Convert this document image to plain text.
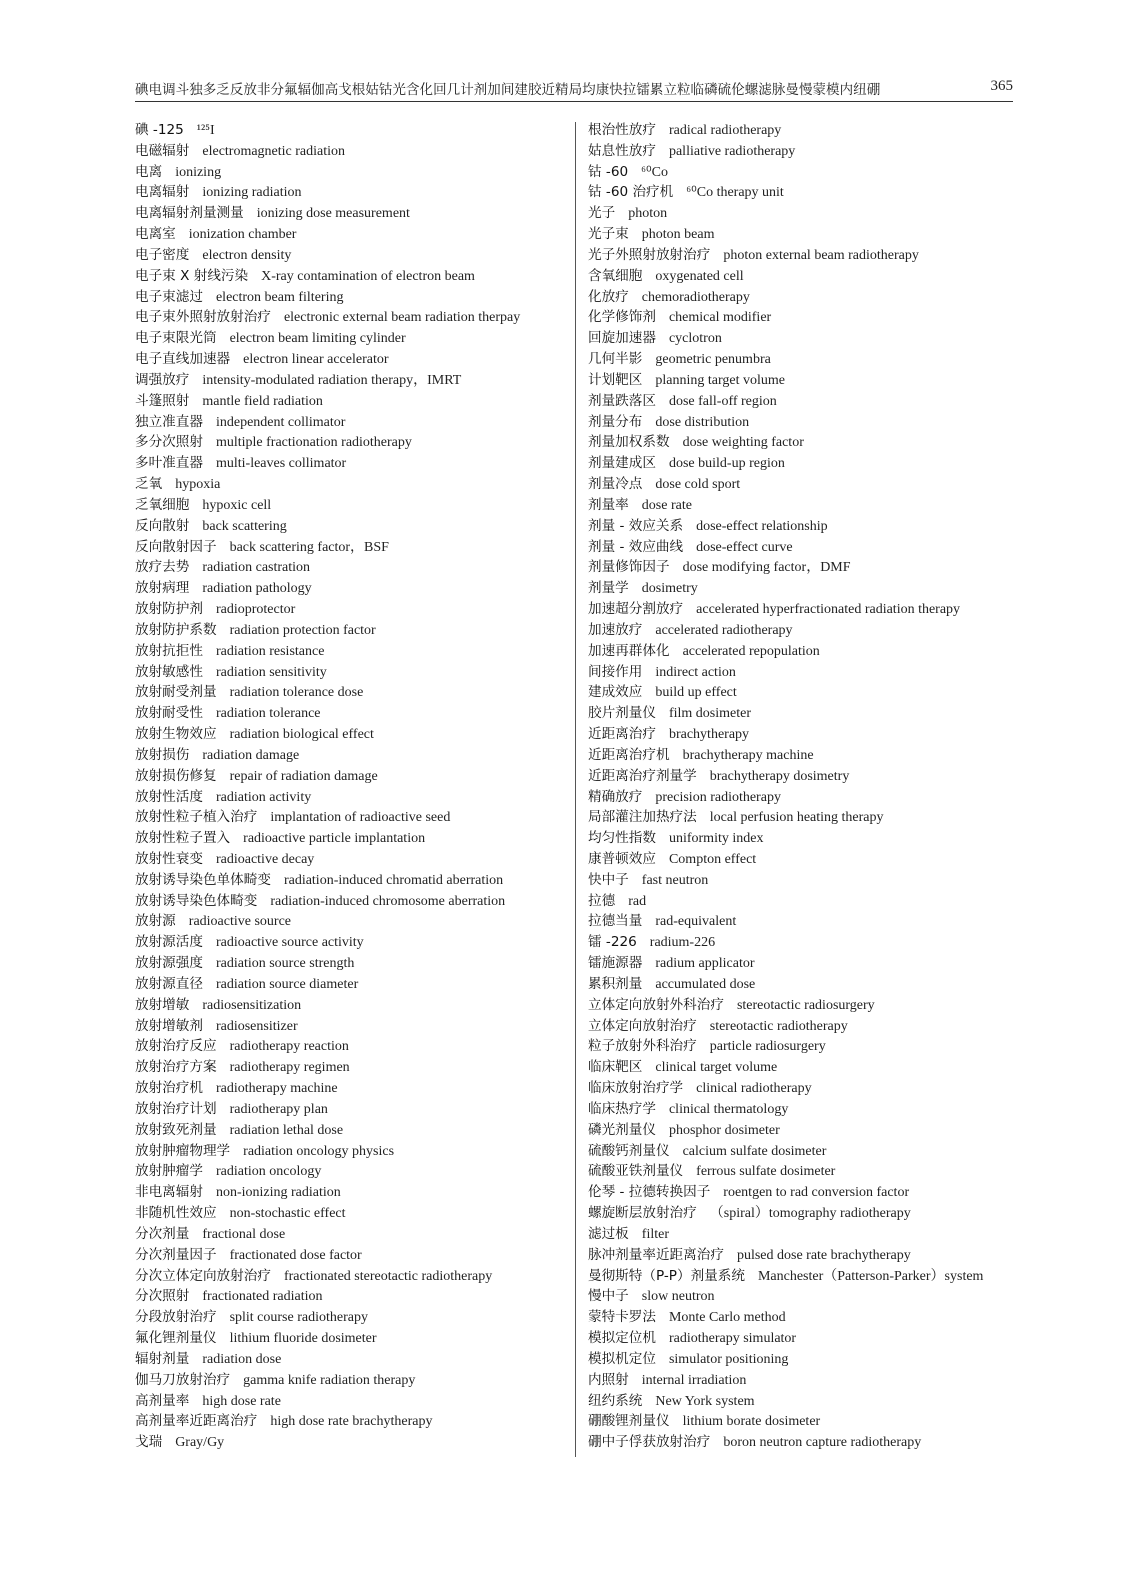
碘电调斗独多乏反放非分氟辐伽高戈根姑钴光含化回几计剂加间建胶近精局均康快拉镭累立粒临磷硫伦螺滤脉曼慢蒙模内纽硼	365
碘 -125 ¹²⁵I
电磁辐射 electromagnetic radiation
电离 ionizing
电离辐射 ionizing radiation
电离辐射剂量测量 ionizing dose measurement
电离室 ionization chamber
电子密度 electron density
电子束 X 射线污染 X-ray contamination of electron beam
电子束滤过 electron beam filtering
电子束外照射放射治疗 electronic external beam radiation therpay
电子束限光筒 electron beam limiting cylinder
电子直线加速器 electron linear accelerator
调强放疗 intensity-modulated radiation therapy，IMRT
斗篷照射 mantle field radiation
独立准直器 independent collimator
多分次照射 multiple fractionation radiotherapy
多叶准直器 multi-leaves collimator
乏氧 hypoxia
乏氧细胞 hypoxic cell
反向散射 back scattering
反向散射因子 back scattering factor，BSF
放疗去势 radiation castration
放射病理 radiation pathology
放射防护剂 radioprotector
放射防护系数 radiation protection factor
放射抗拒性 radiation resistance
放射敏感性 radiation sensitivity
放射耐受剂量 radiation tolerance dose
放射耐受性 radiation tolerance
放射生物效应 radiation biological effect
放射损伤 radiation damage
放射损伤修复 repair of radiation damage
放射性活度 radiation activity
放射性粒子植入治疗 implantation of radioactive seed
放射性粒子置入 radioactive particle implantation
放射性衰变 radioactive decay
放射诱导染色单体畸变 radiation-induced chromatid aberration
放射诱导染色体畸变 radiation-induced chromosome aberration
放射源 radioactive source
放射源活度 radioactive source activity
放射源强度 radiation source strength
放射源直径 radiation source diameter
放射增敏 radiosensitization
放射增敏剂 radiosensitizer
放射治疗反应 radiotherapy reaction
放射治疗方案 radiotherapy regimen
放射治疗机 radiotherapy machine
放射治疗计划 radiotherapy plan
放射致死剂量 radiation lethal dose
放射肿瘤物理学 radiation oncology physics
放射肿瘤学 radiation oncology
非电离辐射 non-ionizing radiation
非随机性效应 non-stochastic effect
分次剂量 fractional dose
分次剂量因子 fractionated dose factor
分次立体定向放射治疗 fractionated stereotactic radiotherapy
分次照射 fractionated radiation
分段放射治疗 split course radiotherapy
氟化锂剂量仪 lithium fluoride dosimeter
辐射剂量 radiation dose
伽马刀放射治疗 gamma knife radiation therapy
高剂量率 high dose rate
高剂量率近距离治疗 high dose rate brachytherapy
戈瑞 Gray/Gy
根治性放疗 radical radiotherapy
姑息性放疗 palliative radiotherapy
钴 -60 ⁶⁰Co
钴 -60 治疗机 ⁶⁰Co therapy unit
光子 photon
光子束 photon beam
光子外照射放射治疗 photon external beam radiotherapy
含氧细胞 oxygenated cell
化放疗 chemoradiotherapy
化学修饰剂 chemical modifier
回旋加速器 cyclotron
几何半影 geometric penumbra
计划靶区 planning target volume
剂量跌落区 dose fall-off region
剂量分布 dose distribution
剂量加权系数 dose weighting factor
剂量建成区 dose build-up region
剂量冷点 dose cold sport
剂量率 dose rate
剂量 - 效应关系 dose-effect relationship
剂量 - 效应曲线 dose-effect curve
剂量修饰因子 dose modifying factor，DMF
剂量学 dosimetry
加速超分割放疗 accelerated hyperfractionated radiation therapy
加速放疗 accelerated radiotherapy
加速再群体化 accelerated repopulation
间接作用 indirect action
建成效应 build up effect
胶片剂量仪 film dosimeter
近距离治疗 brachytherapy
近距离治疗机 brachytherapy machine
近距离治疗剂量学 brachytherapy dosimetry
精确放疗 precision radiotherapy
局部灌注加热疗法 local perfusion heating therapy
均匀性指数 uniformity index
康普顿效应 Compton effect
快中子 fast neutron
拉德 rad
拉德当量 rad-equivalent
镭 -226 radium-226
镭施源器 radium applicator
累积剂量 accumulated dose
立体定向放射外科治疗 stereotactic radiosurgery
立体定向放射治疗 stereotactic radiotherapy
粒子放射外科治疗 particle radiosurgery
临床靶区 clinical target volume
临床放射治疗学 clinical radiotherapy
临床热疗学 clinical thermatology
磷光剂量仪 phosphor dosimeter
硫酸钙剂量仪 calcium sulfate dosimeter
硫酸亚铁剂量仪 ferrous sulfate dosimeter
伦琴 - 拉德转换因子 roentgen to rad conversion factor
螺旋断层放射治疗 （spiral）tomography radiotherapy
滤过板 filter
脉冲剂量率近距离治疗 pulsed dose rate brachytherapy
曼彻斯特（P-P）剂量系统 Manchester（Patterson-Parker）system
慢中子 slow neutron
蒙特卡罗法 Monte Carlo method
模拟定位机 radiotherapy simulator
模拟机定位 simulator positioning
内照射 internal irradiation
纽约系统 New York system
硼酸锂剂量仪 lithium borate dosimeter
硼中子俘获放射治疗 boron neutron capture radiotherapy
